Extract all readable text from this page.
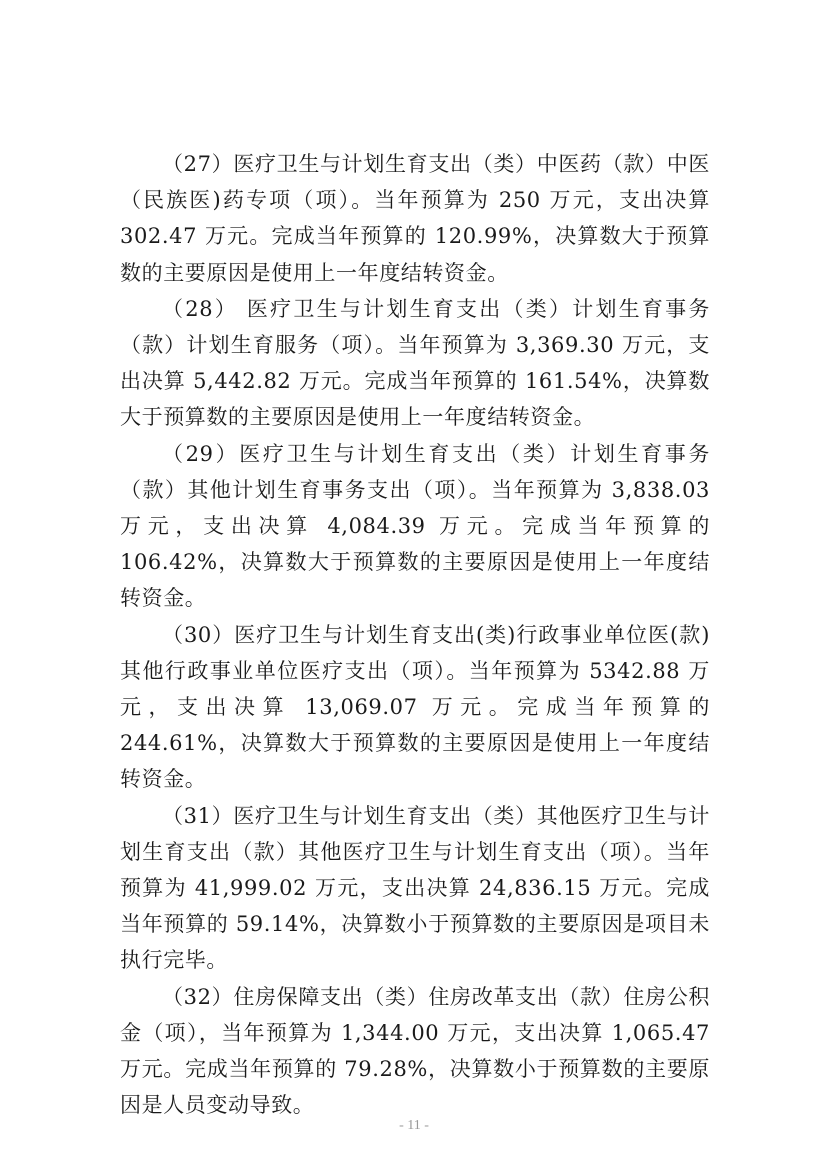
（27）医疗卫生与计划生育支出（类）中医药（款）中医（民族医)药专项（项）。当年预算为 250 万元，支出决算 302.47 万元。完成当年预算的 120.99%，决算数大于预算数的主要原因是使用上一年度结转资金。

（28） 医疗卫生与计划生育支出（类）计划生育事务（款）计划生育服务（项）。当年预算为 3,369.30 万元，支出决算 5,442.82 万元。完成当年预算的 161.54%，决算数大于预算数的主要原因是使用上一年度结转资金。

（29）医疗卫生与计划生育支出（类）计划生育事务（款）其他计划生育事务支出（项）。当年预算为 3,838.03 万元，支出决算 4,084.39 万元。完成当年预算的 106.42%，决算数大于预算数的主要原因是使用上一年度结转资金。

（30）医疗卫生与计划生育支出(类)行政事业单位医(款)其他行政事业单位医疗支出（项）。当年预算为 5342.88 万元，支出决算 13,069.07 万元。完成当年预算的 244.61%，决算数大于预算数的主要原因是使用上一年度结转资金。

（31）医疗卫生与计划生育支出（类）其他医疗卫生与计划生育支出（款）其他医疗卫生与计划生育支出（项）。当年预算为 41,999.02 万元，支出决算 24,836.15 万元。完成当年预算的 59.14%，决算数小于预算数的主要原因是项目未执行完毕。

（32）住房保障支出（类）住房改革支出（款）住房公积金（项），当年预算为 1,344.00 万元，支出决算 1,065.47 万元。完成当年预算的 79.28%，决算数小于预算数的主要原因是人员变动导致。

- 11 -
